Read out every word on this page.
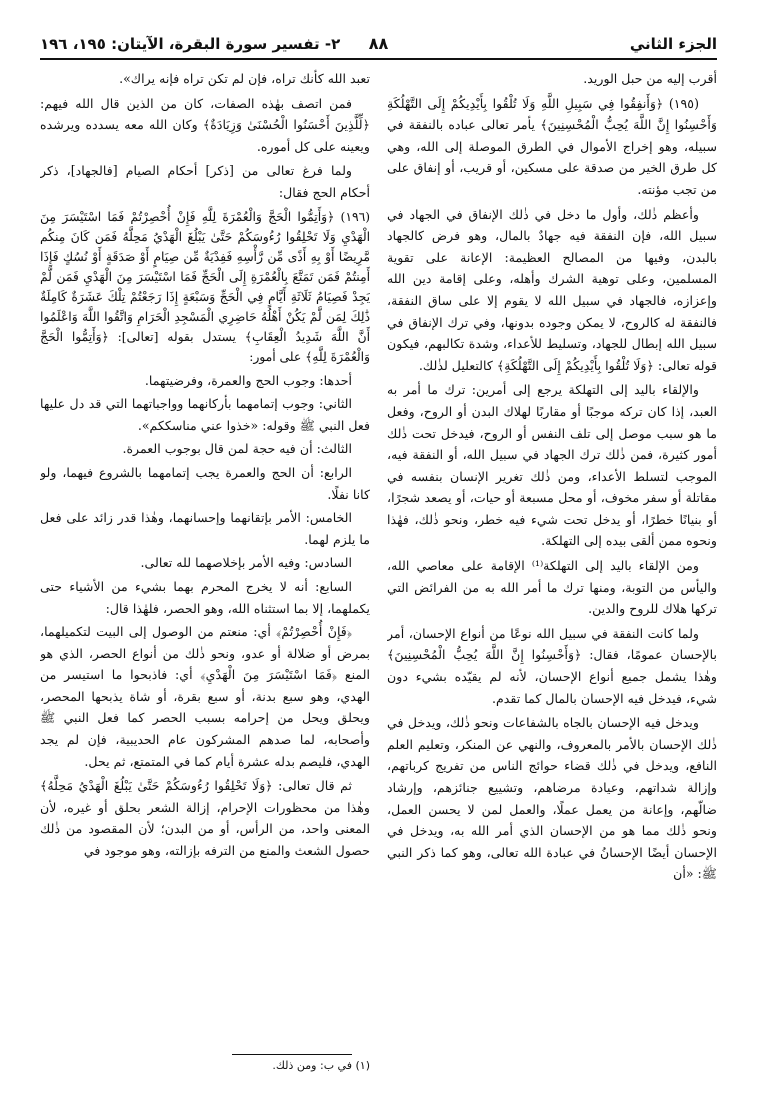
الجزء الثاني
٨٨
٢- تفسير سورة البقرة، الآيتان: ١٩٥، ١٩٦

أقرب إليه من حبل الوريد.

(١٩٥) ﴿وَأَنفِقُوا فِي سَبِيلِ اللَّهِ وَلَا تُلْقُوا بِأَيْدِيكُمْ إِلَى التَّهْلُكَةِ وَأَحْسِنُوا إِنَّ اللَّهَ يُحِبُّ الْمُحْسِنِينَ﴾ يأمر تعالى عباده بالنفقة في سبيله، وهو إخراج الأموال في الطرق الموصلة إلى الله، وهي كل طرق الخير من صدقة على مسكين، أو قريب، أو إنفاق على من تجب مؤنته.

وأعظم ذٰلك، وأول ما دخل في ذٰلك الإنفاق في الجهاد في سبيل الله، فإن النفقة فيه جهادٌ بالمال، وهو فرض كالجهاد بالبدن، وفيها من المصالح العظيمة: الإعانة على تقوية المسلمين، وعلى توهية الشرك وأهله، وعلى إقامة دين الله وإعزازه، فالجهاد في سبيل الله لا يقوم إلا على ساق النفقة، فالنفقة له كالروح، لا يمكن وجوده بدونها، وفي ترك الإنفاق في سبيل الله إبطال للجهاد، وتسليط للأعداء، وشدة تكالبهم، فيكون قوله تعالى: ﴿وَلَا تُلْقُوا بِأَيْدِيكُمْ إِلَى التَّهْلُكَةِ﴾ كالتعليل لذٰلك.

والإلقاء باليد إلى التهلكة يرجع إلى أمرين: ترك ما أمر به العبد، إذا كان تركه موجبًا أو مقاربًا لهلاك البدن أو الروح، وفعل ما هو سبب موصل إلى تلف النفس أو الروح، فيدخل تحت ذٰلك أمور كثيرة، فمن ذٰلك ترك الجهاد في سبيل الله، أو النفقة فيه، الموجب لتسلط الأعداء، ومن ذٰلك تغرير الإنسان بنفسه في مقاتلة أو سفر مخوف، أو محل مسبعة أو حيات، أو يصعد شجرًا، أو بنيانًا خطرًا، أو يدخل تحت شيء فيه خطر، ونحو ذٰلك، فهٰذا ونحوه ممن ألقى بيده إلى التهلكة.

ومن الإلقاء باليد إلى التهلكة⁽¹⁾ الإقامة على معاصي الله، واليأس من التوبة، ومنها ترك ما أمر الله به من الفرائض التي تركها هلاك للروح والدين.

ولما كانت النفقة في سبيل الله نوعًا من أنواع الإحسان، أمر بالإحسان عمومًا، فقال: ﴿وَأَحْسِنُوا إِنَّ اللَّهَ يُحِبُّ الْمُحْسِنِينَ﴾ وهٰذا يشمل جميع أنواع الإحسان، لأنه لم يقيّده بشيء دون شيء، فيدخل فيه الإحسان بالمال كما تقدم.

ويدخل فيه الإحسان بالجاه بالشفاعات ونحو ذٰلك، ويدخل في ذٰلك الإحسان بالأمر بالمعروف، والنهي عن المنكر، وتعليم العلم النافع، ويدخل في ذٰلك قضاء حوائج الناس من تفريج كرباتهم، وإزالة شداتهم، وعيادة مرضاهم، وتشييع جنائزهم، وإرشاد ضالّهم، وإعانة من يعمل عملًا، والعمل لمن لا يحسن العمل، ونحو ذٰلك مما هو من الإحسان الذي أمر الله به، ويدخل في الإحسان أيضًا الإحسانُ في عبادة الله تعالى، وهو كما ذكر النبي ﷺ: «أن

تعبد الله كأنك تراه، فإن لم تكن تراه فإنه يراك».

فمن اتصف بهٰذه الصفات، كان من الذين قال الله فيهم: ﴿لِّلَّذِينَ أَحْسَنُوا الْحُسْنَىٰ وَزِيَادَةٌ﴾ وكان الله معه يسدده ويرشده ويعينه على كل أموره.

ولما فرغ تعالى من [ذكر] أحكام الصيام [فالجهاد]، ذكر أحكام الحج فقال:

(١٩٦) ﴿وَأَتِمُّوا الْحَجَّ وَالْعُمْرَةَ لِلَّهِ فَإِنْ أُحْصِرْتُمْ فَمَا اسْتَيْسَرَ مِنَ الْهَدْيِ وَلَا تَحْلِقُوا رُءُوسَكُمْ حَتَّىٰ يَبْلُغَ الْهَدْيُ مَحِلَّهُ فَمَن كَانَ مِنكُم مَّرِيضًا أَوْ بِهِ أَذًى مِّن رَّأْسِهِ فَفِدْيَةٌ مِّن صِيَامٍ أَوْ صَدَقَةٍ أَوْ نُسُكٍ فَإِذَا أَمِنتُمْ فَمَن تَمَتَّعَ بِالْعُمْرَةِ إِلَى الْحَجِّ فَمَا اسْتَيْسَرَ مِنَ الْهَدْيِ فَمَن لَّمْ يَجِدْ فَصِيَامُ ثَلَاثَةِ أَيَّامٍ فِي الْحَجِّ وَسَبْعَةٍ إِذَا رَجَعْتُمْ تِلْكَ عَشَرَةٌ كَامِلَةٌ ذَٰلِكَ لِمَن لَّمْ يَكُنْ أَهْلُهُ حَاضِرِي الْمَسْجِدِ الْحَرَامِ وَاتَّقُوا اللَّهَ وَاعْلَمُوا أَنَّ اللَّهَ شَدِيدُ الْعِقَابِ﴾ يستدل بقوله [تعالى]: ﴿وَأَتِمُّوا الْحَجَّ وَالْعُمْرَةَ لِلَّهِ﴾ على أمور:

أحدها: وجوب الحج والعمرة، وفرضيتهما.

الثاني: وجوب إتمامهما بأركانهما وواجباتهما التي قد دل عليها فعل النبي ﷺ وقوله: «خذوا عني مناسككم».

الثالث: أن فيه حجة لمن قال بوجوب العمرة.

الرابع: أن الحج والعمرة يجب إتمامهما بالشروع فيهما، ولو كانا نفلًا.

الخامس: الأمر بإتقانهما وإحسانهما، وهٰذا قدر زائد على فعل ما يلزم لهما.

السادس: وفيه الأمر بإخلاصهما لله تعالى.

السابع: أنه لا يخرج المحرم بهما بشيء من الأشياء حتى يكملهما، إلا بما استثناه الله، وهو الحصر، فلهٰذا قال:

﴿فَإِنْ أُحْصِرْتُمْ﴾ أي: منعتم من الوصول إلى البيت لتكميلهما، بمرض أو ضلالة أو عدو، ونحو ذٰلك من أنواع الحصر، الذي هو المنع ﴿فَمَا اسْتَيْسَرَ مِنَ الْهَدْيِ﴾ أي: فاذبحوا ما استيسر من الهدي، وهو سبع بدنة، أو سبع بقرة، أو شاة يذبحها المحصر، ويحلق ويحل من إحرامه بسبب الحصر كما فعل النبي ﷺ وأصحابه، لما صدهم المشركون عام الحديبية، فإن لم يجد الهدي، فليصم بدله عشرة أيام كما في المتمتع، ثم يحل.

ثم قال تعالى: ﴿وَلَا تَحْلِقُوا رُءُوسَكُمْ حَتَّىٰ يَبْلُغَ الْهَدْيُ مَحِلَّهُ﴾ وهٰذا من محظورات الإحرام، إزالة الشعر بحلق أو غيره، لأن المعنى واحد، من الرأس، أو من البدن؛ لأن المقصود من ذٰلك حصول الشعث والمنع من الترفه بإزالته، وهو موجود في

(١) في ب: ومن ذلك.
